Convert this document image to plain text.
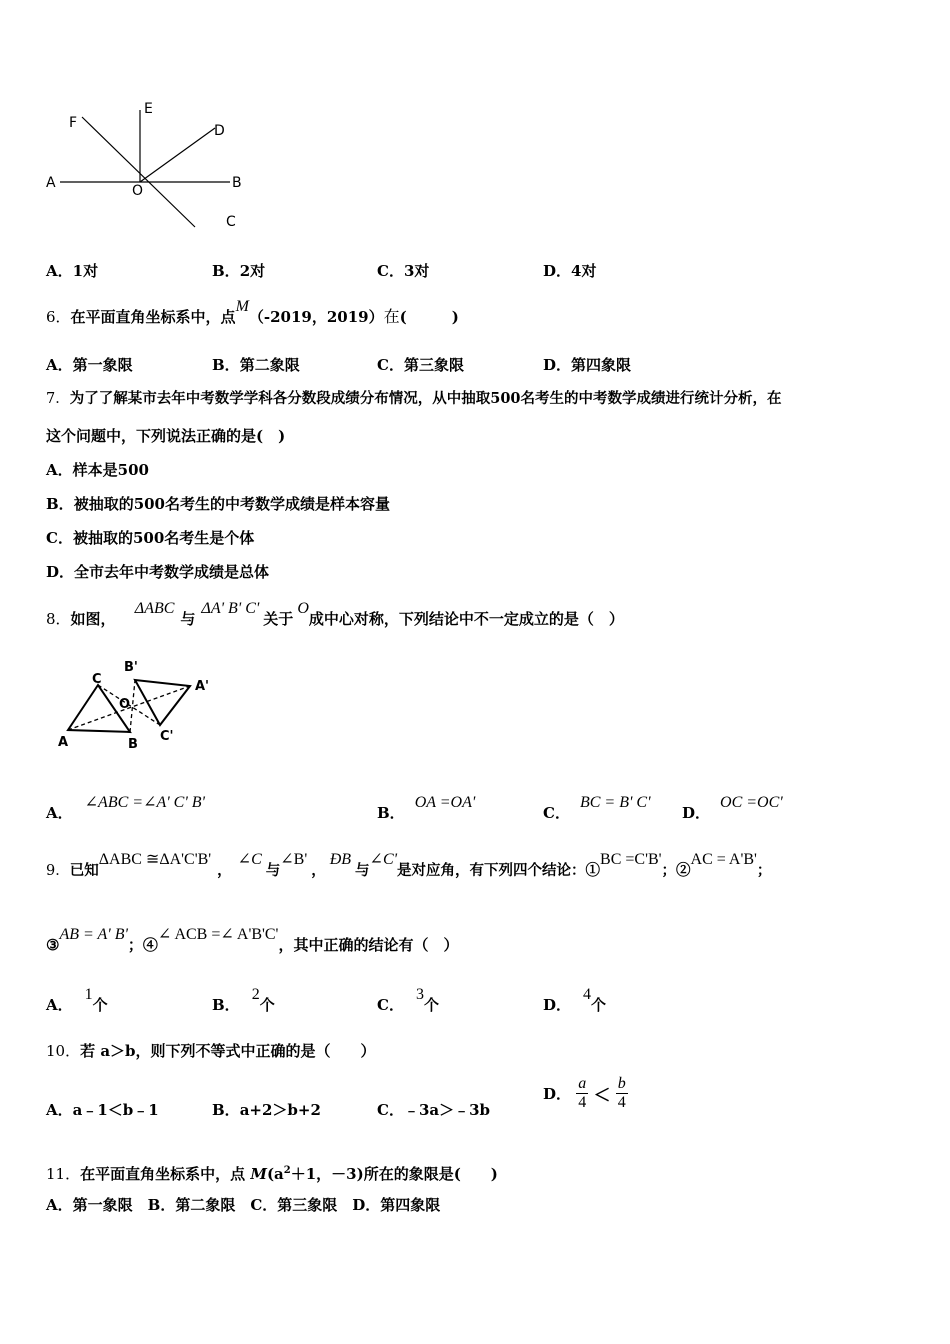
A	B
C
D
E
F
O
A．1对	B．2对	C．3对	D．4对
6．在平面直角坐标系中，点M（-2019，2019）在(　　　)
A．第一象限	B．第二象限	C．第三象限	D．第四象限
7．为了了解某市去年中考数学学科各分数段成绩分布情况，从中抽取500名考生的中考数学成绩进行统计分析，在
这个问题中，下列说法正确的是(　)
A．样本是500
B．被抽取的500名考生的中考数学成绩是样本容量
C．被抽取的500名考生是个体
D．全市去年中考数学成绩是总体
8．如图， ΔABC与ΔA' B' C'关于O成中心对称，下列结论中不一定成立的是（　）
C
B'
O
A'
A	B
C'
A．∠ABC =∠A' C' B'
B．OA =OA'
C．BC = B' C'
D．OC =OC'
9．已知ΔABC ≅ΔA'C'B'，∠C与∠B'，ÐB与∠C'是对应角，有下列四个结论：①BC =C'B'；②AC = A'B'；
③AB = A' B'；④∠ ACB =∠ A'B'C'，其中正确的结论有（　）
A．1个	B．2个	C．3个	D．4个
10．若 a＞b，则下列不等式中正确的是（　　）
A．a﹣1＜b﹣1	B．a+2＞b+2	C．﹣3a＞﹣3b
D． $\frac{a}{4} < \frac{b}{4}$
11．在平面直角坐标系中，点 $M(a^2+1$，－3)所在的象限是(　　)
A．第一象限　B．第二象限　C．第三象限　D．第四象限
